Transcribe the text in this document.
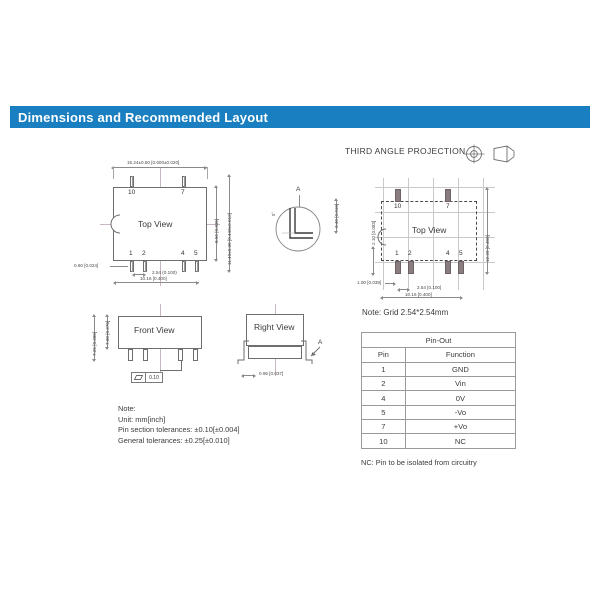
Dimensions and Recommended Layout
THIRD ANGLE PROJECTION
15.24±0.50 [0.600±0.020]
Top View
10	7
1 2	4 5
8.50 [0.335] 11.40±0.30 [0.449±0.012]
0.60 [0.024]
2.54 (0.100)
10.16 [0.400]
A
5°	0.40 [0.016]
Front View
7.25 [0.285] 7.00 [0.276]
0.10
Right View
A
0.95 [0.037]
Top View
10	7
1 2	4 5
2.10 [0.083]
12.20 [0.480]
1.00 [0.039]
2.54 [0.100]
10.16 [0.400]
Note: Grid 2.54*2.54mm
Note:
Unit: mm[inch]
Pin section tolerances: ±0.10[±0.004]
General tolerances: ±0.25[±0.010]
Pin-Out	
Pin	Function
1	GND
2	Vin
4	0V
5	-Vo
7	+Vo
10	NC
NC: Pin to be isolated from circuitry
